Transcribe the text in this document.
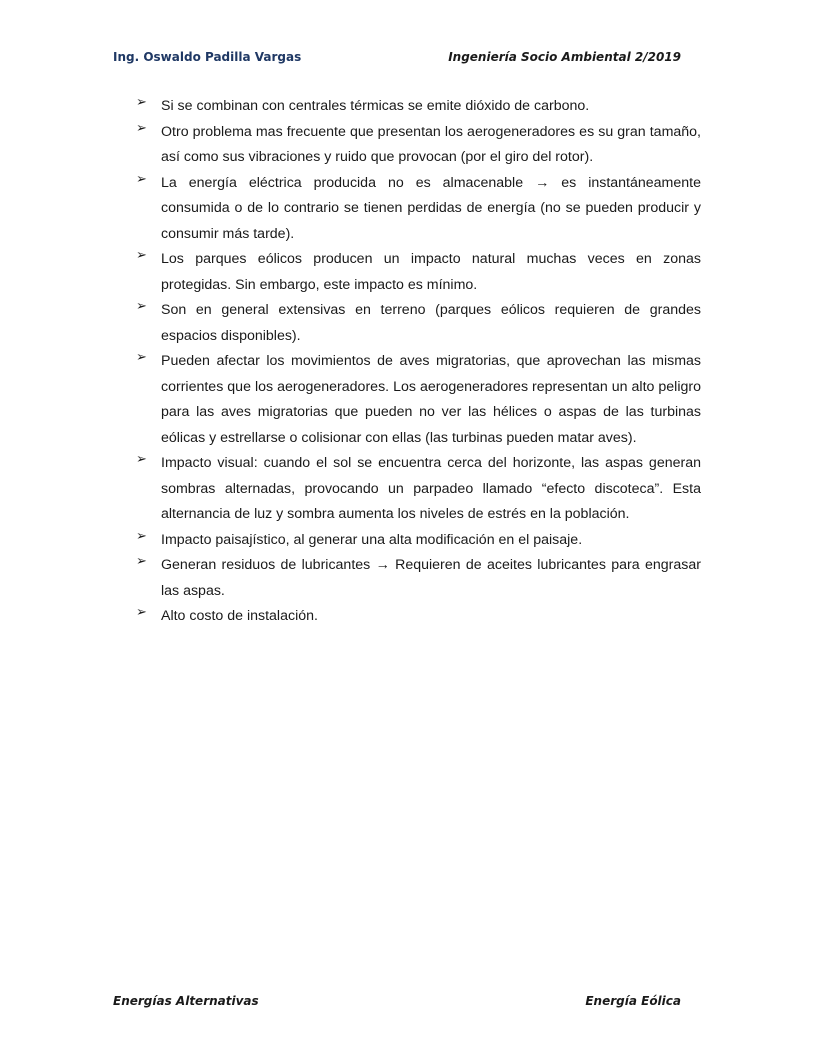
Ing. Oswaldo Padilla Vargas	Ingeniería Socio Ambiental 2/2019
➢ Si se combinan con centrales térmicas se emite dióxido de carbono.
➢ Otro problema mas frecuente que presentan los aerogeneradores es su gran tamaño, así como sus vibraciones y ruido que provocan (por el giro del rotor).
➢ La energía eléctrica producida no es almacenable → es instantáneamente consumida o de lo contrario se tienen perdidas de energía (no se pueden producir y consumir más tarde).
➢ Los parques eólicos producen un impacto natural muchas veces en zonas protegidas. Sin embargo, este impacto es mínimo.
➢ Son en general extensivas en terreno (parques eólicos requieren de grandes espacios disponibles).
➢ Pueden afectar los movimientos de aves migratorias, que aprovechan las mismas corrientes que los aerogeneradores. Los aerogeneradores representan un alto peligro para las aves migratorias que pueden no ver las hélices o aspas de las turbinas eólicas y estrellarse o colisionar con ellas (las turbinas pueden matar aves).
➢ Impacto visual: cuando el sol se encuentra cerca del horizonte, las aspas generan sombras alternadas, provocando un parpadeo llamado “efecto discoteca”. Esta alternancia de luz y sombra aumenta los niveles de estrés en la población.
➢ Impacto paisajístico, al generar una alta modificación en el paisaje.
➢ Generan residuos de lubricantes → Requieren de aceites lubricantes para engrasar las aspas.
➢ Alto costo de instalación.
Energías Alternativas	Energía Eólica
